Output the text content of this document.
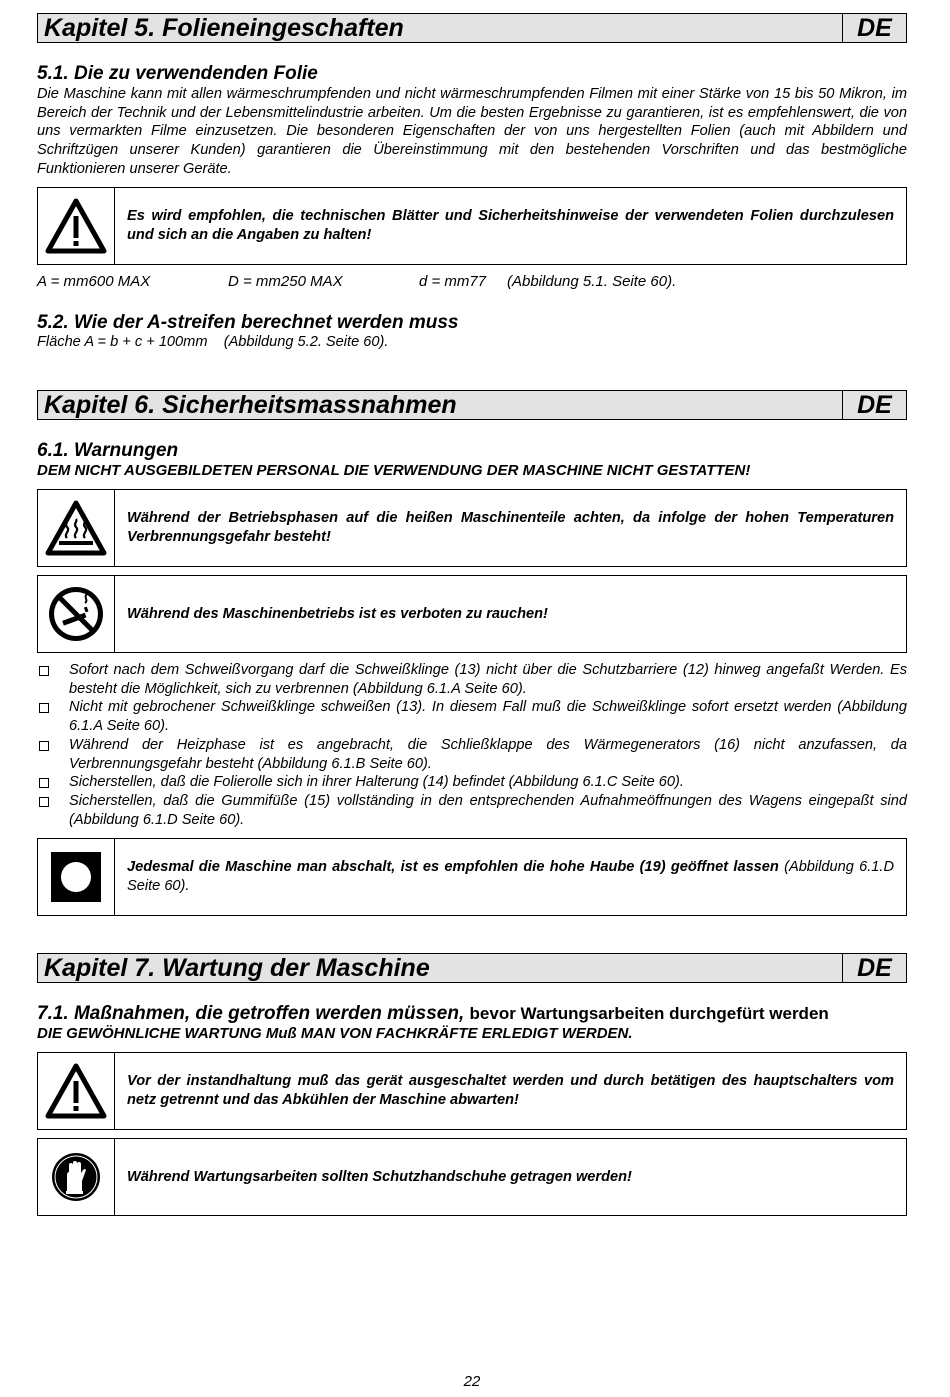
Kapitel 5. Folieneingeschaften	DE
5.1. Die zu verwendenden Folie

Die Maschine kann mit allen wärmeschrumpfenden und nicht wärmeschrumpfenden Filmen mit einer Stärke von 15 bis 50 Mikron, im Bereich der Technik und der Lebensmittelindustrie arbeiten. Um die besten Ergebnisse zu garantieren, ist es empfehlenswert, die von uns vermarkten Filme einzusetzen. Die besonderen Eigenschaften der von uns hergestellten Folien (auch mit Abbildern und Schriftzügen unserer Kunden) garantieren die Übereinstimmung mit den bestehenden Vorschriften und das bestmögliche Funktionieren unserer Geräte.

Es wird empfohlen, die technischen Blätter und Sicherheitshinweise der verwendeten Folien durchzulesen und sich an die Angaben zu halten!
A = mm600 MAX	D = mm250 MAX	d = mm77 (Abbildung 5.1. Seite 60).
5.2. Wie der A-streifen berechnet werden muss
Fläche A = b + c + 100mm (Abbildung 5.2. Seite 60).
Kapitel 6. Sicherheitsmassnahmen	DE
6.1. Warnungen
DEM NICHT AUSGEBILDETEN PERSONAL DIE VERWENDUNG DER MASCHINE NICHT GESTATTEN!
Während der Betriebsphasen auf die heißen Maschinenteile achten, da infolge der hohen Temperaturen Verbrennungsgefahr besteht!
Während des Maschinenbetriebs ist es verboten zu rauchen!
Sofort nach dem Schweißvorgang darf die Schweißklinge (13) nicht über die Schutzbarriere (12) hinweg angefaßt Werden. Es besteht die Möglichkeit, sich zu verbrennen (Abbildung 6.1.A Seite 60).
Nicht mit gebrochener Schweißklinge schweißen (13). In diesem Fall muß die Schweißklinge sofort ersetzt werden (Abbildung 6.1.A Seite 60).
Während der Heizphase ist es angebracht, die Schließklappe des Wärmegenerators (16) nicht anzufassen, da Verbrennungsgefahr besteht (Abbildung 6.1.B Seite 60).
Sicherstellen, daß die Folierolle sich in ihrer Halterung (14) befindet (Abbildung 6.1.C Seite 60).
Sicherstellen, daß die Gummifüße (15) vollständing in den entsprechenden Aufnahmeöffnungen des Wagens eingepaßt sind (Abbildung 6.1.D Seite 60).
Jedesmal die Maschine man abschalt, ist es empfohlen die hohe Haube (19) geöffnet lassen (Abbildung 6.1.D Seite 60).
Kapitel 7. Wartung der Maschine	DE
7.1. Maßnahmen, die getroffen werden müssen, bevor Wartungsarbeiten durchgefürt werden
DIE GEWÖHNLICHE WARTUNG Muß MAN VON FACHKRÄFTE ERLEDIGT WERDEN.
Vor der instandhaltung muß das gerät ausgeschaltet werden und durch betätigen des hauptschalters vom netz getrennt und das Abkühlen der Maschine abwarten!
Während Wartungsarbeiten sollten Schutzhandschuhe getragen werden!
22
